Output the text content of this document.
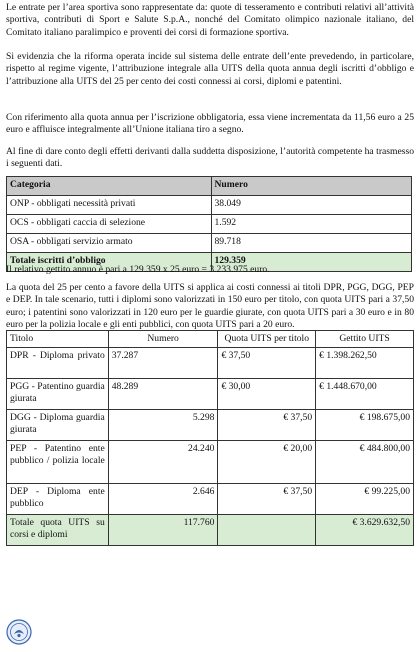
Le entrate per l’area sportiva sono rappresentate da: quote di tesseramento e contributi relativi all’attività sportiva, contributi di Sport e Salute S.p.A., nonché del Comitato olimpico nazionale italiano, del Comitato italiano paralimpico e proventi dei corsi di formazione sportiva.

Si evidenzia che la riforma operata incide sul sistema delle entrate dell’ente prevedendo, in particolare, rispetto al regime vigente, l’attribuzione integrale alla UITS della quota annua degli iscritti d’obbligo e l’attribuzione alla UITS del 25 per cento dei costi connessi ai corsi, diplomi e patentini.

Con riferimento alla quota annua per l’iscrizione obbligatoria, essa viene incrementata da 11,56 euro a 25 euro e affluisce integralmente all’Unione italiana tiro a segno.

Al fine di dare conto degli effetti derivanti dalla suddetta disposizione, l’autorità competente ha trasmesso i seguenti dati.

Categoria	Numero
ONP - obbligati necessità privati	38.049
OCS - obbligati caccia di selezione	1.592
OSA - obbligati servizio armato	89.718
Totale iscritti d’obbligo	129.359

Il relativo gettito annuo è pari a 129.359 x 25 euro = 3.233.975 euro.

La quota del 25 per cento a favore della UITS si applica ai costi connessi ai titoli DPR, PGG, DGG, PEP e DEP. In tale scenario, tutti i diplomi sono valorizzati in 150 euro per titolo, con quota UITS pari a 37,50 euro; i patentini sono valorizzati in 120 euro per le guardie giurate, con quota UITS pari a 30 euro e in 80 euro per la polizia locale e gli enti pubblici, con quota UITS pari a 20 euro.

Titolo	Numero	Quota UITS per titolo	Gettito UITS
DPR - Diploma privato	37.287	€ 37,50	€ 1.398.262,50
PGG - Patentino guardia giurata	48.289	€ 30,00	€ 1.448.670,00
DGG - Diploma guardia giurata	5.298	€ 37,50	€ 198.675,00
PEP - Patentino ente pubblico / polizia locale	24.240	€ 20,00	€ 484.800,00
DEP - Diploma ente pubblico	2.646	€ 37,50	€ 99.225,00
Totale quota UITS su corsi e diplomi	117.760		€ 3.629.632,50
